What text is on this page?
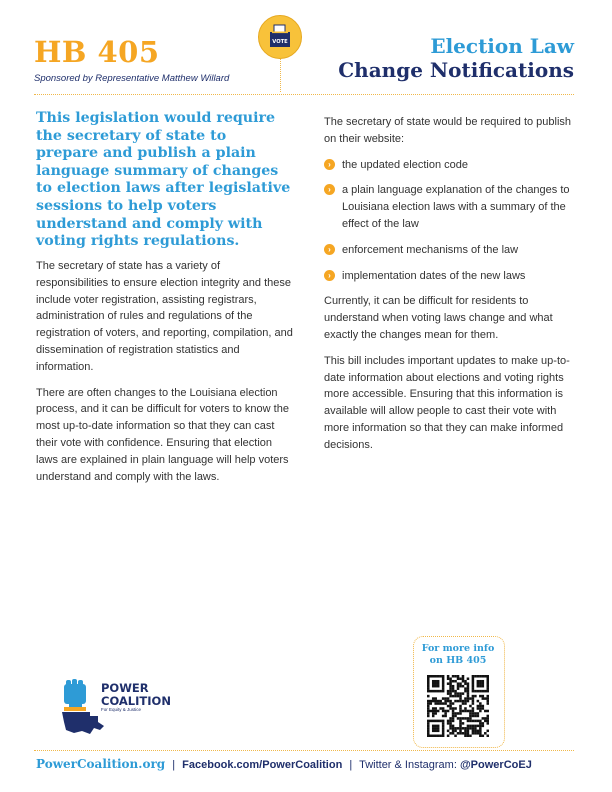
HB 405
Sponsored by Representative Matthew Willard
VOTE	Election Law
Change Notifications

This legislation would require the secretary of state to prepare and publish a plain language summary of changes to election laws after legislative sessions to help voters understand and comply with voting rights regulations.

The secretary of state has a variety of responsibilities to ensure election integrity and these include voter registration, assisting registrars, administration of rules and regulations of the registration of voters, and reporting, compilation, and dissemination of registration statistics and information.

There are often changes to the Louisiana election process, and it can be difficult for voters to know the most up-to-date information so that they can cast their vote with confidence. Ensuring that election laws are explained in plain language will help voters understand and comply with the laws.

The secretary of state would be required to publish on their website:

›	the updated election code
›	a plain language explanation of the changes to Louisiana election laws with a summary of the effect of the law
›	enforcement mechanisms of the law
›	implementation dates of the new laws

Currently, it can be difficult for residents to understand when voting laws change and what exactly the changes mean for them.

This bill includes important updates to make up-to-date information about elections and voting rights more accessible. Ensuring that this information is available will allow people to cast their vote with more information so that they can make informed decisions.

POWER
COALITION
For Equity & Justice
For more info
on HB 405
PowerCoalition.org | Facebook.com/PowerCoalition | Twitter & Instagram: @PowerCoEJ
